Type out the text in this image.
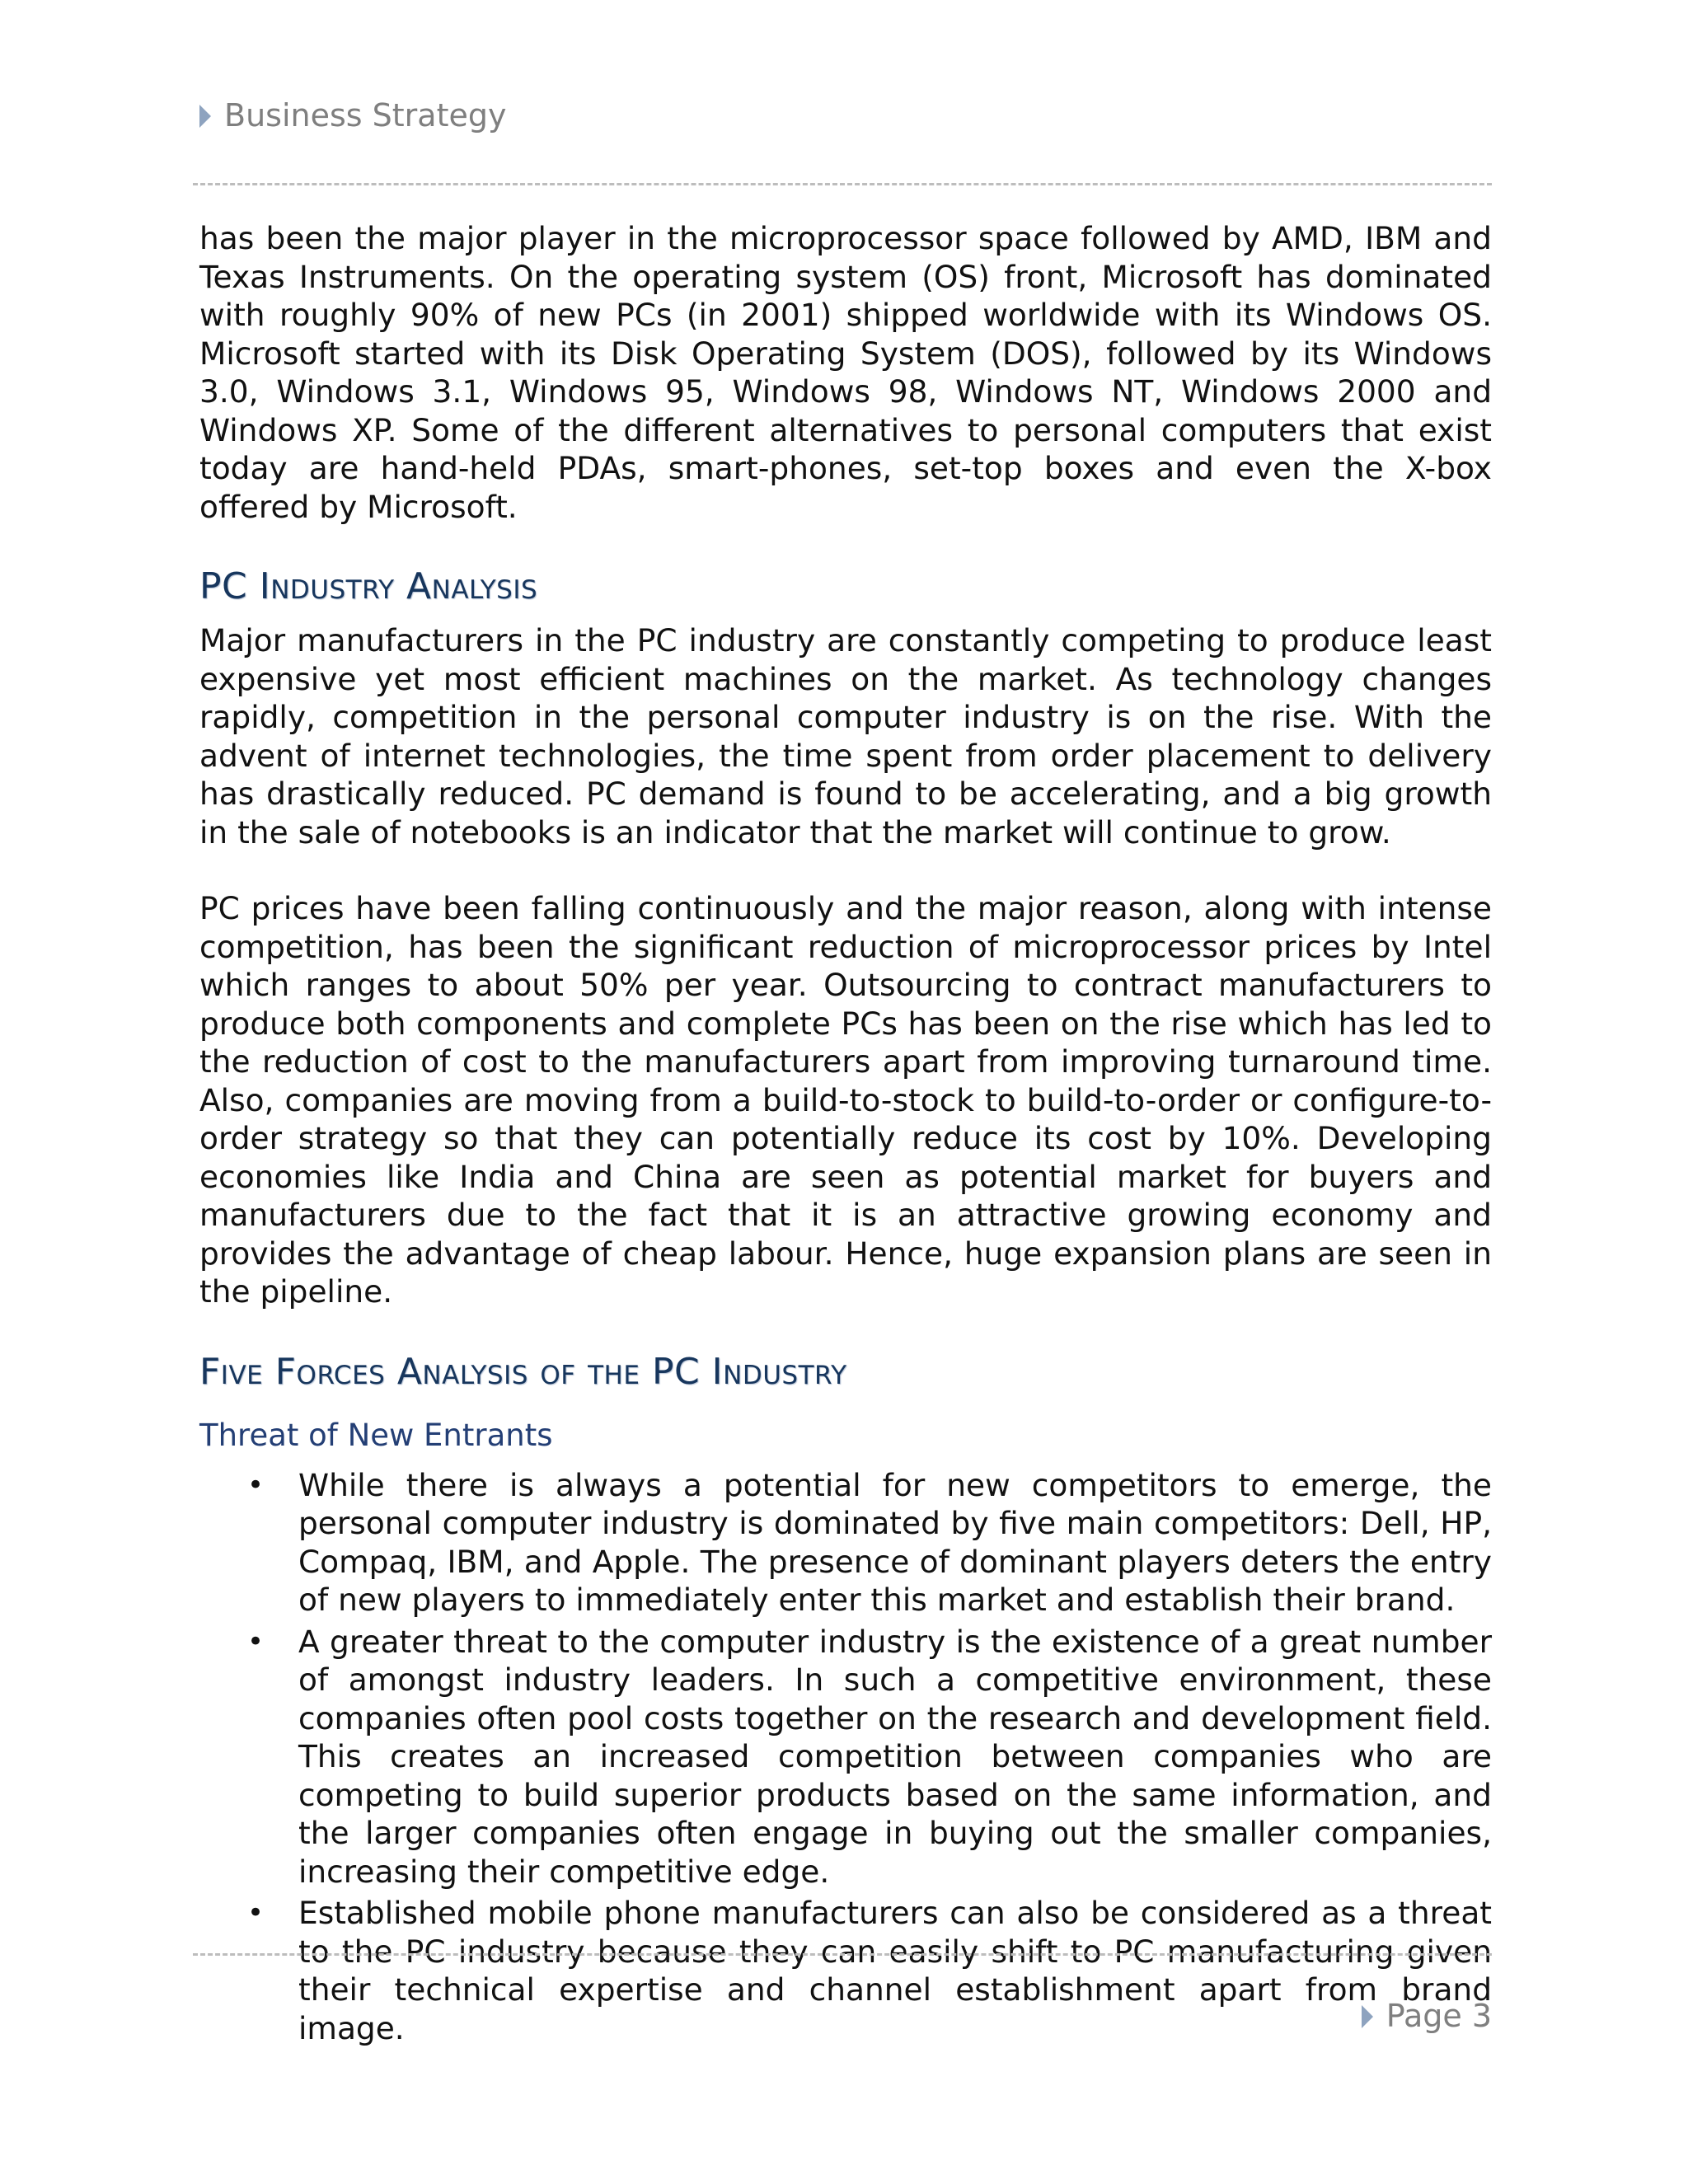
Business Strategy

has been the major player in the microprocessor space followed by AMD, IBM and Texas Instruments. On the operating system (OS) front, Microsoft has dominated with roughly 90% of new PCs (in 2001) shipped worldwide with its Windows OS. Microsoft started with its Disk Operating System (DOS), followed by its Windows 3.0, Windows 3.1, Windows 95, Windows 98, Windows NT, Windows 2000 and Windows XP. Some of the different alternatives to personal computers that exist today are hand-held PDAs, smart-phones, set-top boxes and even the X-box offered by Microsoft.

PC Industry Analysis

Major manufacturers in the PC industry are constantly competing to produce least expensive yet most efficient machines on the market. As technology changes rapidly, competition in the personal computer industry is on the rise. With the advent of internet technologies, the time spent from order placement to delivery has drastically reduced. PC demand is found to be accelerating, and a big growth in the sale of notebooks is an indicator that the market will continue to grow.

PC prices have been falling continuously and the major reason, along with intense competition, has been the significant reduction of microprocessor prices by Intel which ranges to about 50% per year. Outsourcing to contract manufacturers to produce both components and complete PCs has been on the rise which has led to the reduction of cost to the manufacturers apart from improving turnaround time. Also, companies are moving from a build-to-stock to build-to-order or configure-to-order strategy so that they can potentially reduce its cost by 10%. Developing economies like India and China are seen as potential market for buyers and manufacturers due to the fact that it is an attractive growing economy and provides the advantage of cheap labour. Hence, huge expansion plans are seen in the pipeline.

Five Forces Analysis of the PC Industry
Threat of New Entrants
• While there is always a potential for new competitors to emerge, the personal computer industry is dominated by five main competitors: Dell, HP, Compaq, IBM, and Apple. The presence of dominant players deters the entry of new players to immediately enter this market and establish their brand.
• A greater threat to the computer industry is the existence of a great number of amongst industry leaders. In such a competitive environment, these companies often pool costs together on the research and development field. This creates an increased competition between companies who are competing to build superior products based on the same information, and the larger companies often engage in buying out the smaller companies, increasing their competitive edge.
• Established mobile phone manufacturers can also be considered as a threat to the PC industry because they can easily shift to PC manufacturing given their technical expertise and channel establishment apart from brand image.	Page 3
